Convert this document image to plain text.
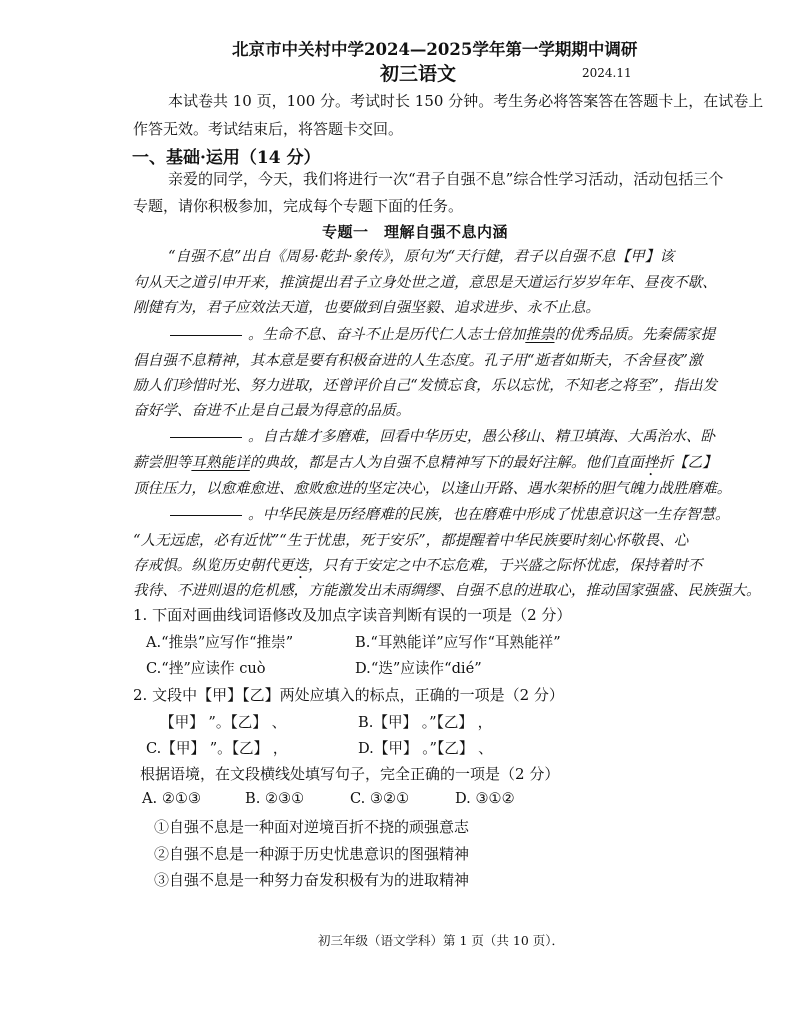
北京市中关村中学2024—2025学年第一学期期中调研
初三语文	2024.11
本试卷共 10 页，100 分。考试时长 150 分钟。考生务必将答案答在答题卡上，在试卷上
作答无效。考试结束后，将答题卡交回。
一、基础·运用（14 分）
亲爱的同学，今天，我们将进行一次“君子自强不息”综合性学习活动，活动包括三个
专题，请你积极参加，完成每个专题下面的任务。
专题一　理解自强不息内涵
“自强不息”出自《周易·乾卦·象传》，原句为“天行健，君子以自强不息【甲】该
句从天之道引申开来，推演提出君子立身处世之道，意思是天道运行岁岁年年、昼夜不歇、
刚健有为，君子应效法天道，也要做到自强坚毅、追求进步、永不止息。
。生命不息、奋斗不止是历代仁人志士倍加推祟的优秀品质。先秦儒家提
倡自强不息精神，其本意是要有积极奋进的人生态度。孔子用“逝者如斯夫，不舍昼夜”激
励人们珍惜时光、努力进取，还曾评价自己“发愤忘食，乐以忘忧，不知老之将至”，指出发
奋好学、奋进不止是自己最为得意的品质。
。自古雄才多磨难，回看中华历史，愚公移山、精卫填海、大禹治水、卧
薪尝胆等耳熟能详的典故，都是古人为自强不息精神写下的最好注解。他们直面挫折【乙】
顶住压力，以愈难愈进、愈败愈进的坚定决心，以逢山开路、遇水架桥的胆气魄力战胜磨难。
。中华民族是历经磨难的民族，也在磨难中形成了忧患意识这一生存智慧。
“人无远虑，必有近忧”“生于忧患，死于安乐”，都提醒着中华民族要时刻心怀敬畏、心
存戒惧。纵览历史朝代更迭，只有于安定之中不忘危难，于兴盛之际怀忧虑，保持着时不
我待、不进则退的危机感，方能激发出未雨绸缪、自强不息的进取心，推动国家强盛、民族强大。
1. 下面对画曲线词语修改及加点字读音判断有误的一项是（2 分）
A.“推祟”应写作“推崇”	B.“耳熟能详”应写作“耳熟能祥”
C.“挫”应读作 cuò	D.“迭”应读作“dié”
2. 文段中【甲】【乙】两处应填入的标点，正确的一项是（2 分）
【甲】 ”。【乙】 、	B.【甲】 。”【乙】 ，
C.【甲】 ”。【乙】 ，	D.【甲】 。”【乙】 、
根据语境，在文段横线处填写句子，完全正确的一项是（2 分）
A. ②①③	B. ②③①	C. ③②①	D. ③①②
①自强不息是一种面对逆境百折不挠的顽强意志
②自强不息是一种源于历史忧患意识的图强精神
③自强不息是一种努力奋发积极有为的进取精神
初三年级（语文学科）第 1 页（共 10 页）．
